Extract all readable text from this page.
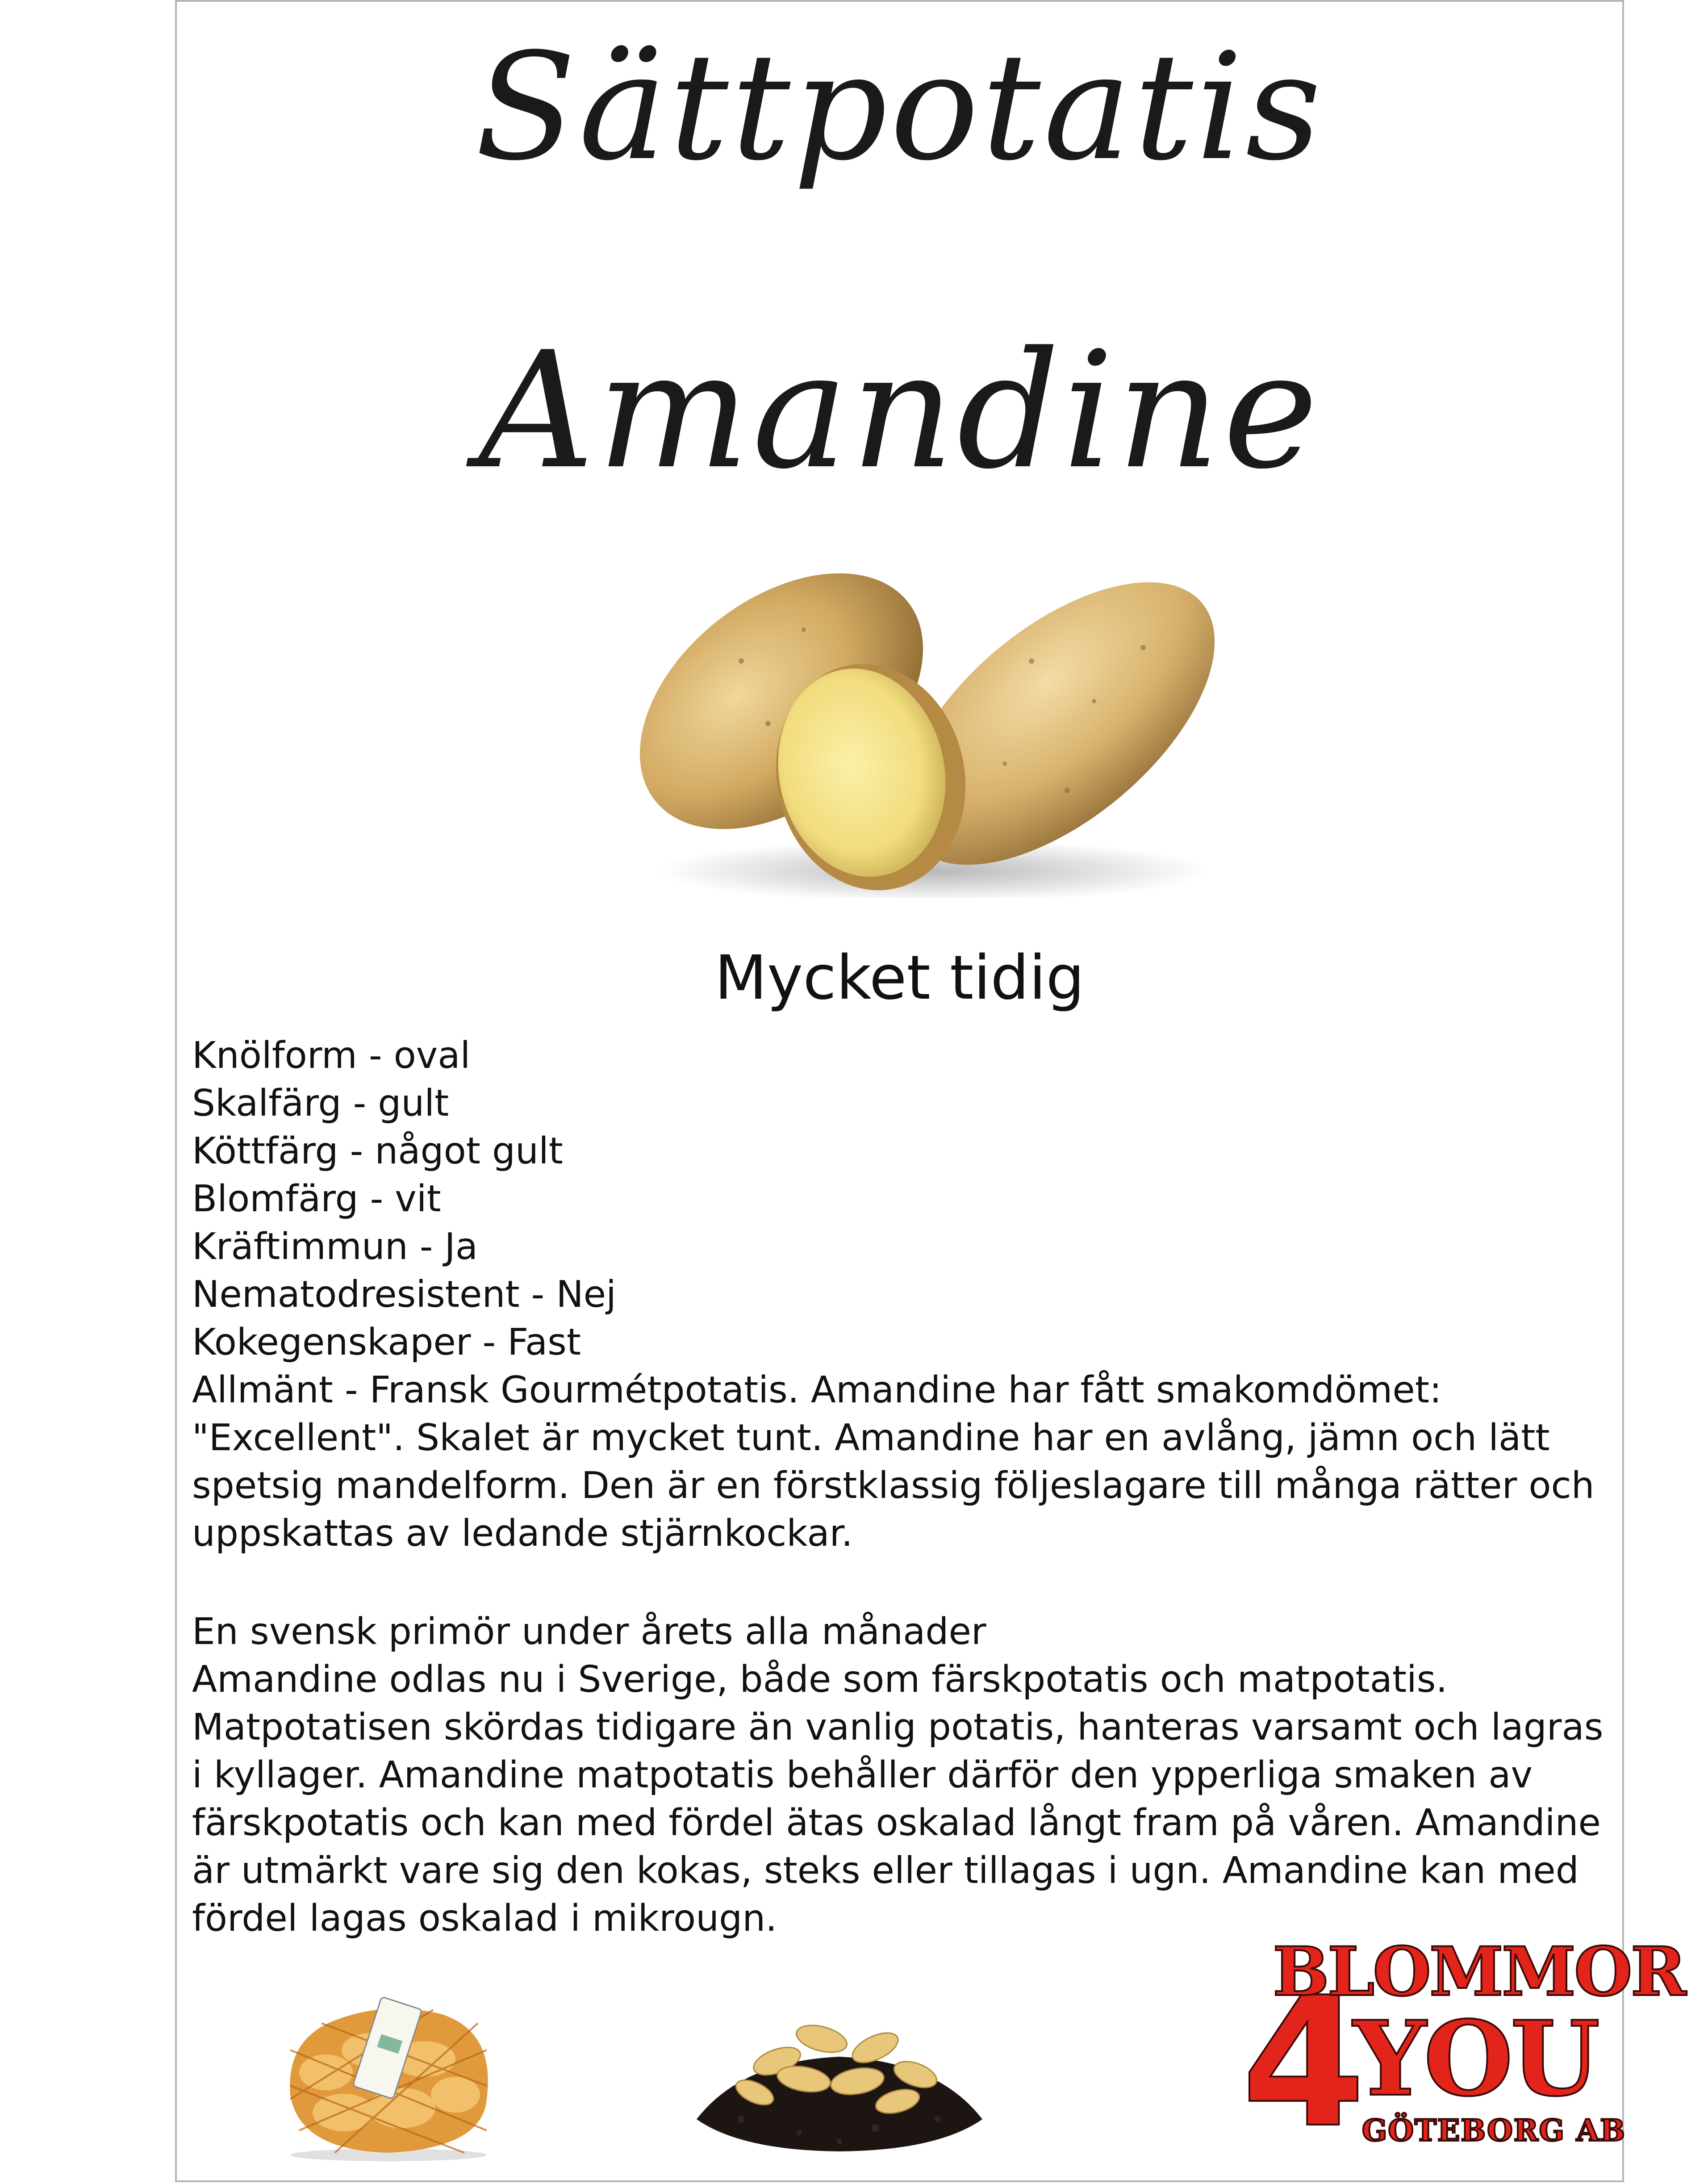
Sättpotatis
Amandine
Mycket tidig
Knölform - oval
Skalfärg - gult
Köttfärg - något gult
Blomfärg - vit
Kräftimmun - Ja
Nematodresistent - Nej
Kokegenskaper - Fast
Allmänt - Fransk Gourmétpotatis. Amandine har fått smakomdömet: "Excellent". Skalet är mycket tunt. Amandine har en avlång, jämn och lätt spetsig mandelform. Den är en förstklassig följeslagare till många rätter och uppskattas av ledande stjärnkockar.

En svensk primör under årets alla månader

Amandine odlas nu i Sverige, både som färskpotatis och matpotatis. Matpotatisen skördas tidigare än vanlig potatis, hanteras varsamt och lagras i kyllager. Amandine matpotatis behåller därför den ypperliga smaken av färskpotatis och kan med fördel ätas oskalad långt fram på våren. Amandine är utmärkt vare sig den kokas, steks eller tillagas i ugn. Amandine kan med fördel lagas oskalad i mikrougn.

4
BLOMMOR
YOU
GÖTEBORG AB
